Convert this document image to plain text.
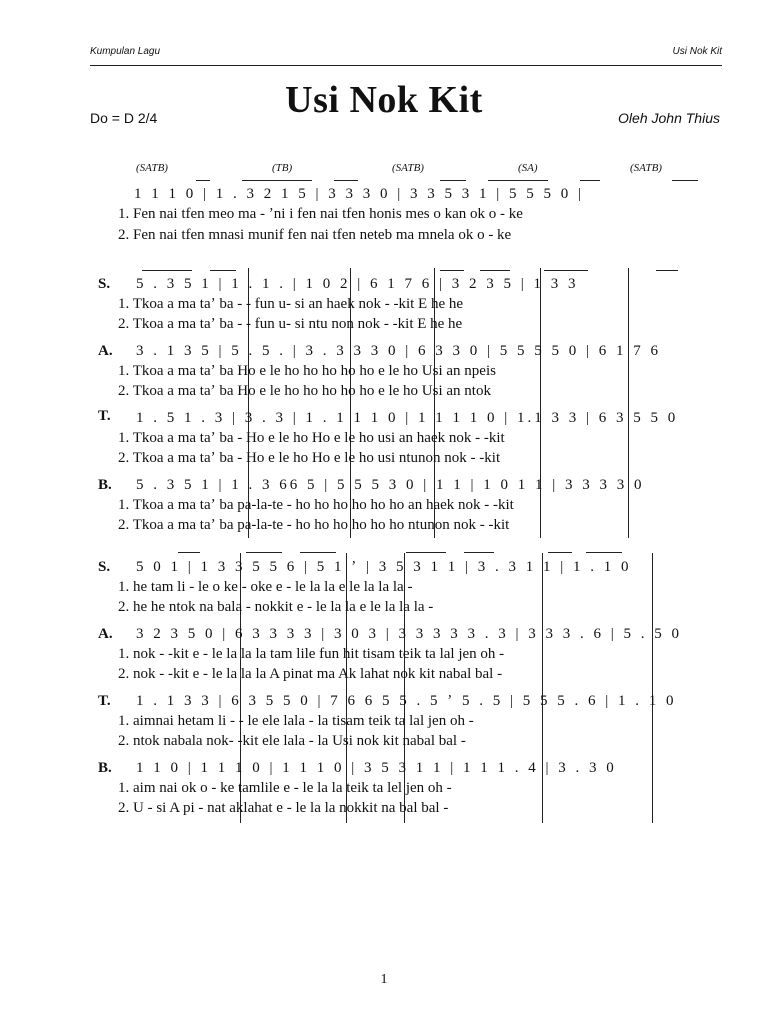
Kumpulan Lagu	Usi Nok Kit
Usi Nok Kit
Do = D 2/4	Oleh John Thius
(SATB)	(TB)	(SATB)	(SA)	(SATB)
1 1 1 0 | 1 . 3 2 1 5 | 3 3 3 0 | 3 3 5 3 1 | 5 5 5 0 |
1. Fen nai tfen meo ma - ʼni i fen nai tfen honis mes o kan ok o - ke
2. Fen nai tfen mnasi munif fen nai tfen neteb ma mnela ok o - ke
S. 5 . 3 5 1 | 1 . 1 . | 1 0 2 | 6 1 7 6 | 3 2 3 5 | 1 3 3
1. Tkoa a ma taʼ ba - - fun u- si an haek nok - -kit E he he
2. Tkoa a ma taʼ ba - - fun u- si ntu non nok - -kit E he he
A. 3 . 1 3 5 | 5 . 5 . | 3 . 3 3 3 0 | 6 3 3 0 | 5 5 5 5 0 | 6 1 7 6
1. Tkoa a ma taʼ ba Ho e le ho ho ho ho ho e le ho Usi an npeis
2. Tkoa a ma taʼ ba Ho e le ho ho ho ho ho e le ho Usi an ntok
T. 1 . 5 1 . 3 | 3 . 3 | 1 . 1 1 1 0 | 1 1 1 1 0 | 1.1 3 3 | 6 3 5 5 0
1. Tkoa a ma taʼ ba - Ho e le ho Ho e le ho usi an haek nok - -kit
2. Tkoa a ma taʼ ba - Ho e le ho Ho e le ho usi ntunon nok - -kit
B. 5 . 3 5 1 | 1 . 3 66 5 | 5 5 5 3 0 | 1 1 | 1 0 1 1 | 3 3 3 3 0
1. Tkoa a ma taʼ ba pa-la-te - ho ho ho ho ho ho an haek nok - -kit
2. Tkoa a ma taʼ ba pa-la-te - ho ho ho ho ho ho ntunon nok - -kit
S. 5 0 1 | 1 3 3 5 5 6 | 5 1 ʼ | 3 5 3 1 1 | 3 . 3 1 1 | 1 . 1 0
1. he tam li - le o ke - oke e - le la la e le la la la -
2. he he ntok na bala - nokkit e - le la la e le la la la -
A. 3 2 3 5 0 | 6 3 3 3 3 | 3 0 3 | 3 3 3 3 3 . 3 | 3 3 3 . 6 | 5 . 5 0
1. nok - -kit e - le la la la tam lile fun hit tisam teik ta lal jen oh -
2. nok - -kit e - le la la la A pinat ma Ak lahat nok kit nabal bal -
T. 1 . 1 3 3 | 6 3 5 5 0 | 7 6 6 5 5 . 5 ʼ 5 . 5 | 5 5 5 . 6 | 1 . 1 0
1. aimnai hetam li - - le ele lala - la tisam teik ta lal jen oh -
2. ntok nabala nok- -kit ele lala - la Usi nok kit nabal bal -
B. 1 1 0 | 1 1 1 0 | 1 1 1 0 | 3 5 3 1 1 | 1 1 1 . 4 | 3 . 3 0
1. aim nai ok o - ke tamlile e - le la la teik ta lel jen oh -
2. U - si A pi - nat aklahat e - le la la nokkit na bal bal -
1
